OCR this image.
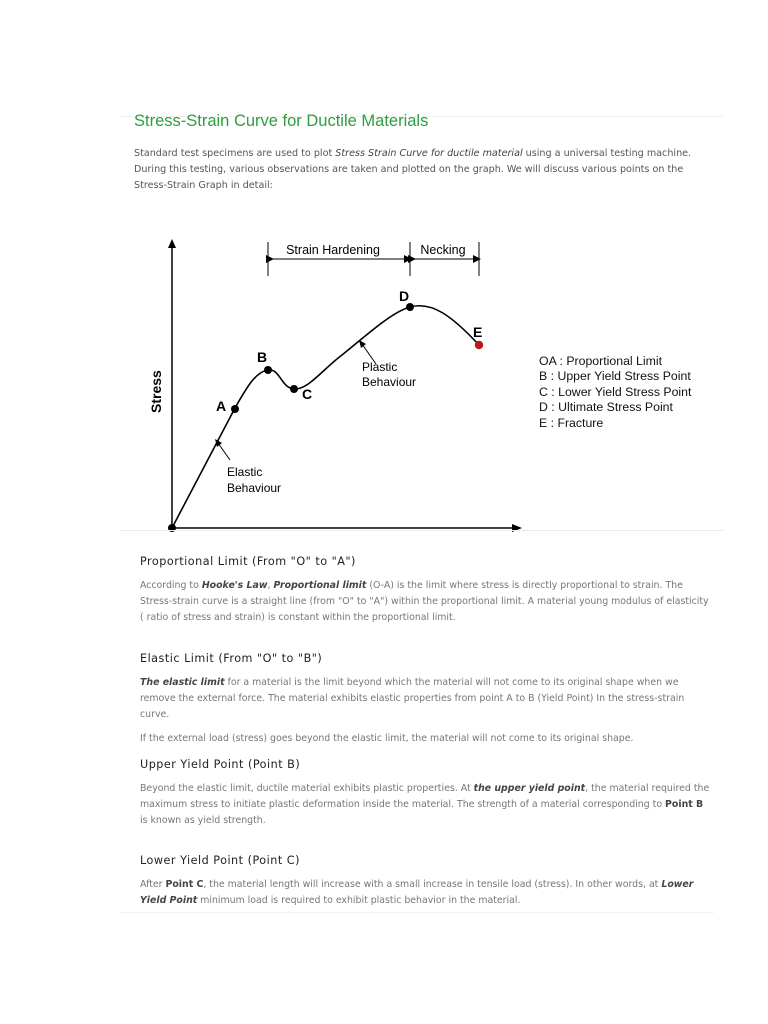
Stress-Strain Curve for Ductile Materials

Standard test specimens are used to plot Stress Strain Curve for ductile material using a universal testing machine. During this testing, various observations are taken and plotted on the graph. We will discuss various points on the Stress-Strain Graph in detail:

A
B
C
D
E
Stress
Strain Hardening	Necking
Plastic Behaviour
Elastic Behaviour
OA : Proportional Limit
B : Upper Yield Stress Point
C : Lower Yield Stress Point
D : Ultimate Stress Point
E : Fracture
Proportional Limit (From "O" to "A")

According to Hooke's Law, Proportional limit (O-A) is the limit where stress is directly proportional to strain. The Stress-strain curve is a straight line (from "O" to "A") within the proportional limit. A material young modulus of elasticity ( ratio of stress and strain) is constant within the proportional limit.

Elastic Limit (From "O" to "B")

The elastic limit for a material is the limit beyond which the material will not come to its original shape when we remove the external force. The material exhibits elastic properties from point A to B (Yield Point) In the stress-strain curve.

If the external load (stress) goes beyond the elastic limit, the material will not come to its original shape.

Upper Yield Point (Point B)

Beyond the elastic limit, ductile material exhibits plastic properties. At the upper yield point, the material required the maximum stress to initiate plastic deformation inside the material. The strength of a material corresponding to Point B is known as yield strength.

Lower Yield Point (Point C)

After Point C, the material length will increase with a small increase in tensile load (stress). In other words, at Lower Yield Point minimum load is required to exhibit plastic behavior in the material.
